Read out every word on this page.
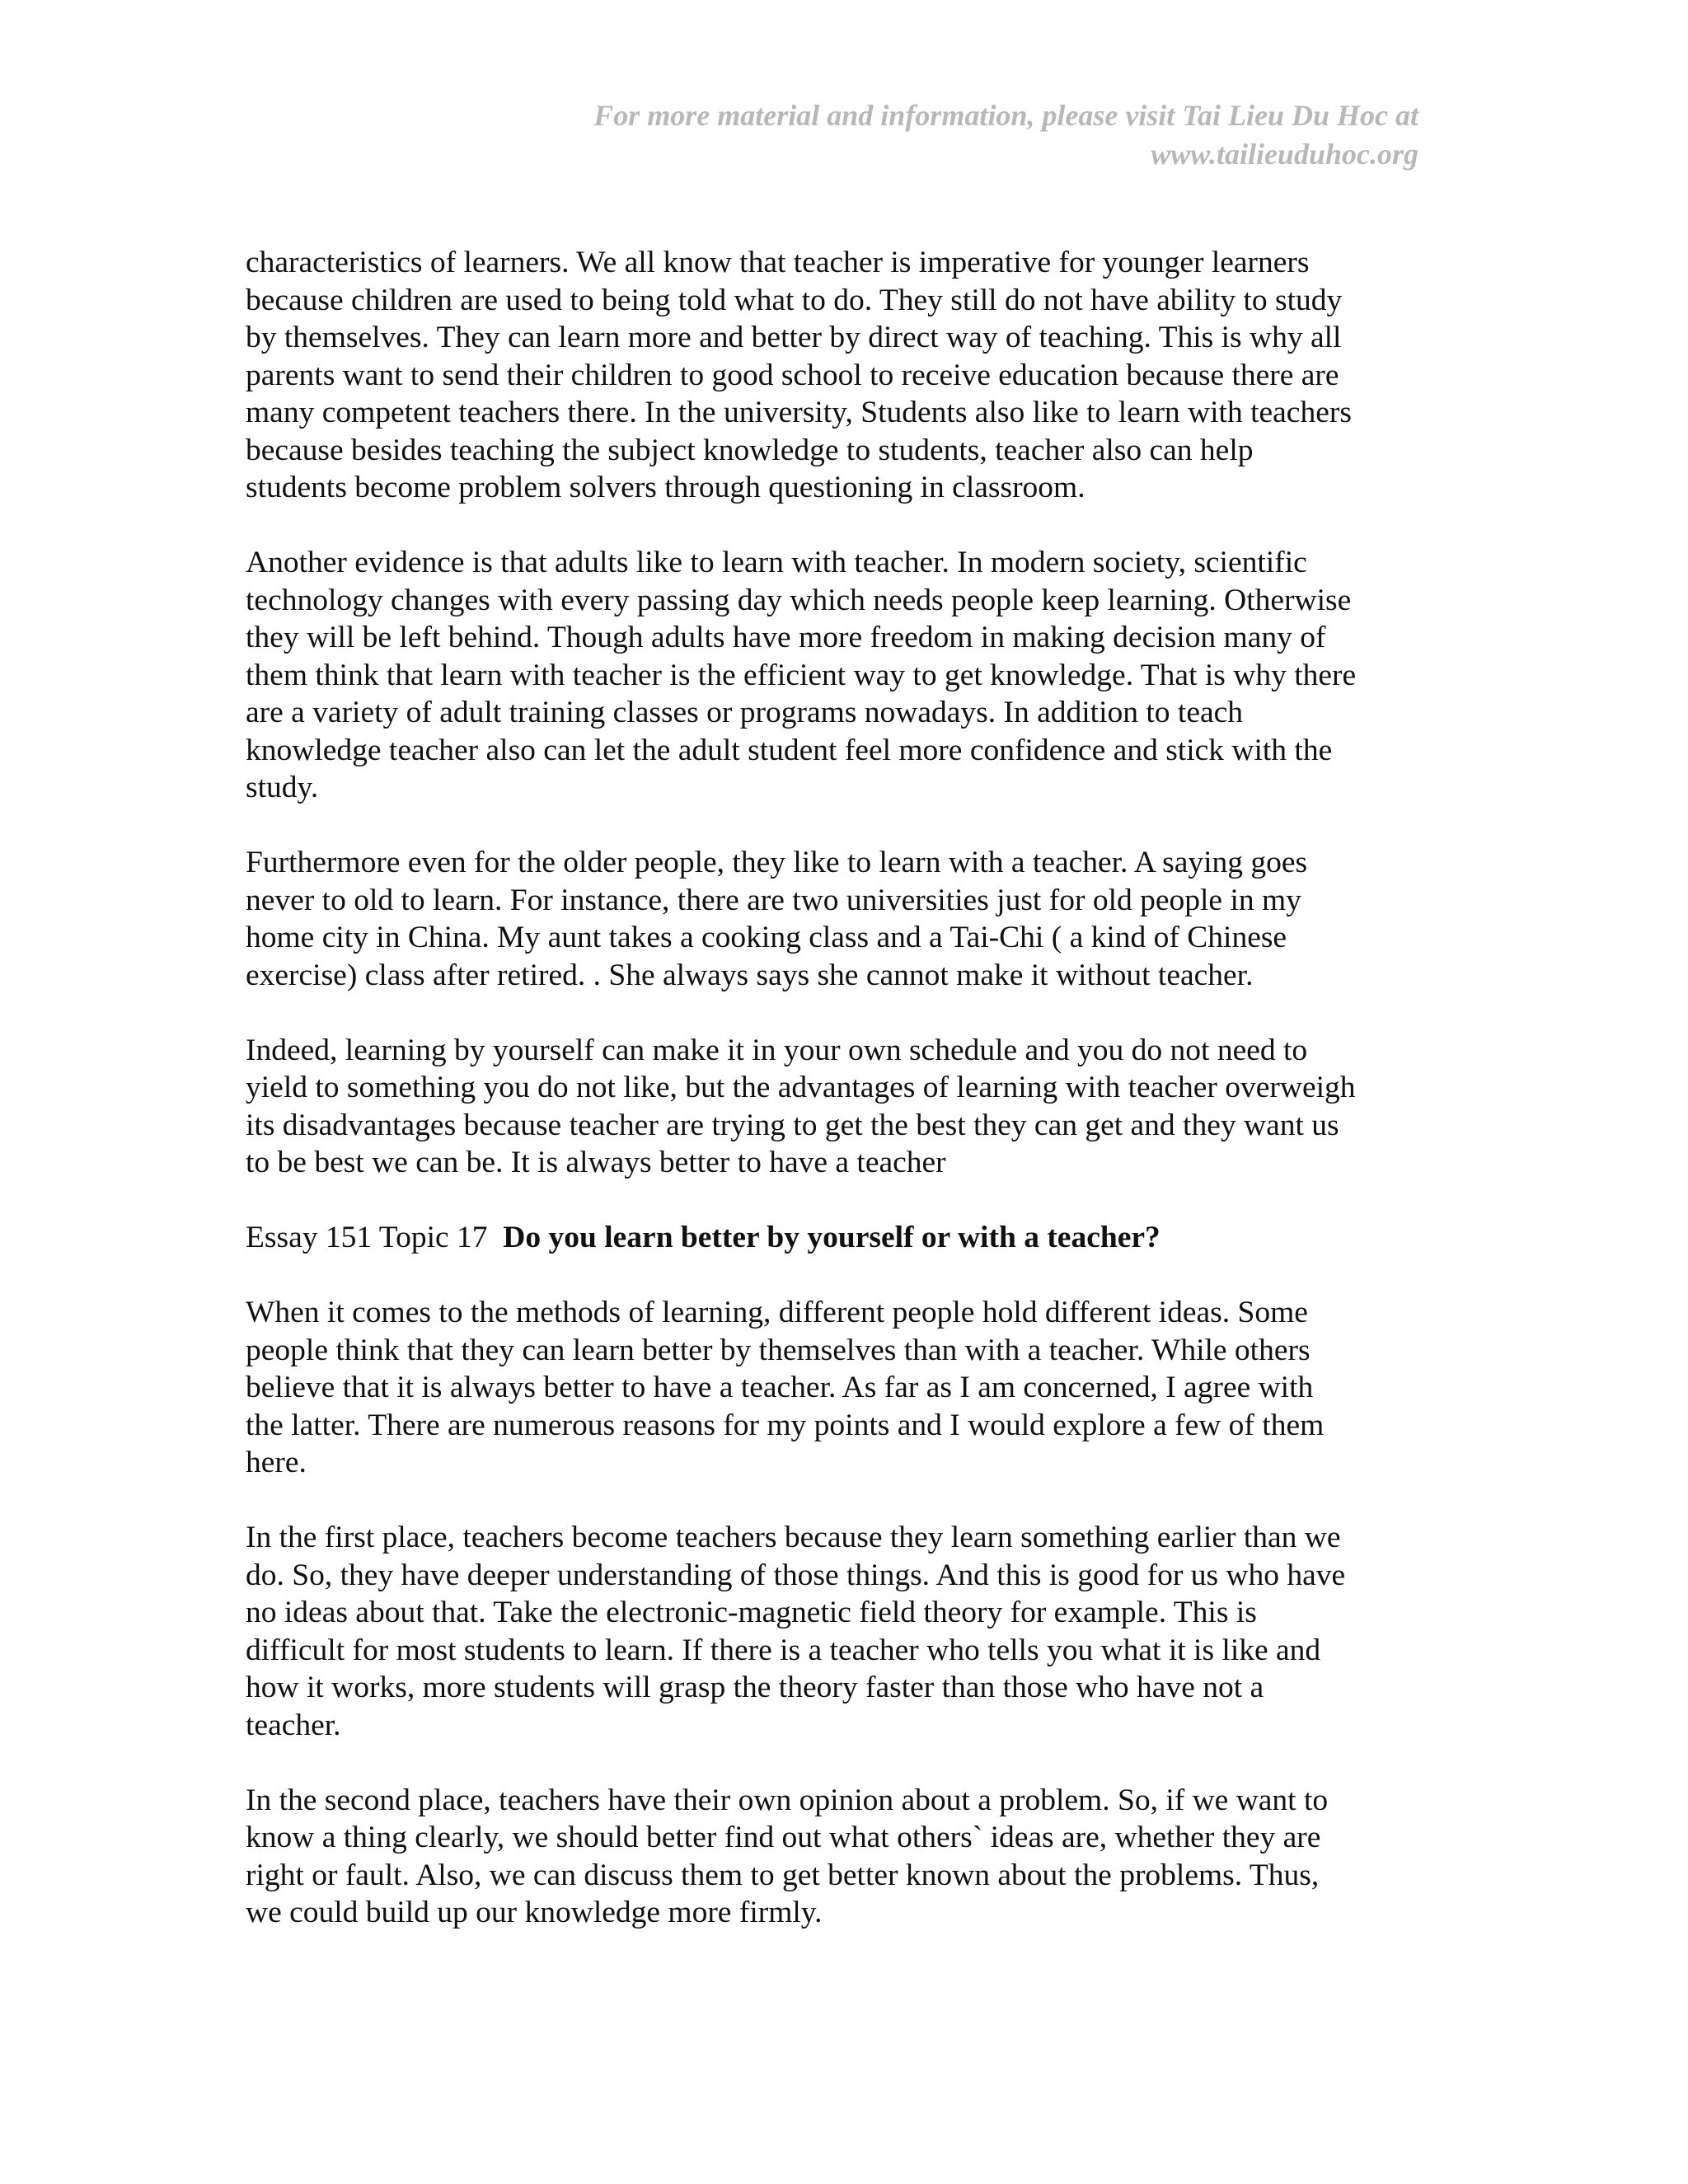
For more material and information, please visit Tai Lieu Du Hoc at
www.tailieuduhoc.org
characteristics of learners. We all know that teacher is imperative for younger learners
because children are used to being told what to do. They still do not have ability to study
by themselves. They can learn more and better by direct way of teaching. This is why all
parents want to send their children to good school to receive education because there are
many competent teachers there. In the university, Students also like to learn with teachers
because besides teaching the subject knowledge to students, teacher also can help
students become problem solvers through questioning in classroom.
Another evidence is that adults like to learn with teacher. In modern society, scientific
technology changes with every passing day which needs people keep learning. Otherwise
they will be left behind. Though adults have more freedom in making decision many of
them think that learn with teacher is the efficient way to get knowledge. That is why there
are a variety of adult training classes or programs nowadays. In addition to teach
knowledge teacher also can let the adult student feel more confidence and stick with the
study.
Furthermore even for the older people, they like to learn with a teacher. A saying goes
never to old to learn. For instance, there are two universities just for old people in my
home city in China. My aunt takes a cooking class and a Tai-Chi ( a kind of Chinese
exercise) class after retired. . She always says she cannot make it without teacher.
Indeed, learning by yourself can make it in your own schedule and you do not need to
yield to something you do not like, but the advantages of learning with teacher overweigh
its disadvantages because teacher are trying to get the best they can get and they want us
to be best we can be. It is always better to have a teacher
Essay 151 Topic 17 Do you learn better by yourself or with a teacher?
When it comes to the methods of learning, different people hold different ideas. Some
people think that they can learn better by themselves than with a teacher. While others
believe that it is always better to have a teacher. As far as I am concerned, I agree with
the latter. There are numerous reasons for my points and I would explore a few of them
here.
In the first place, teachers become teachers because they learn something earlier than we
do. So, they have deeper understanding of those things. And this is good for us who have
no ideas about that. Take the electronic-magnetic field theory for example. This is
difficult for most students to learn. If there is a teacher who tells you what it is like and
how it works, more students will grasp the theory faster than those who have not a
teacher.
In the second place, teachers have their own opinion about a problem. So, if we want to
know a thing clearly, we should better find out what others` ideas are, whether they are
right or fault. Also, we can discuss them to get better known about the problems. Thus,
we could build up our knowledge more firmly.
